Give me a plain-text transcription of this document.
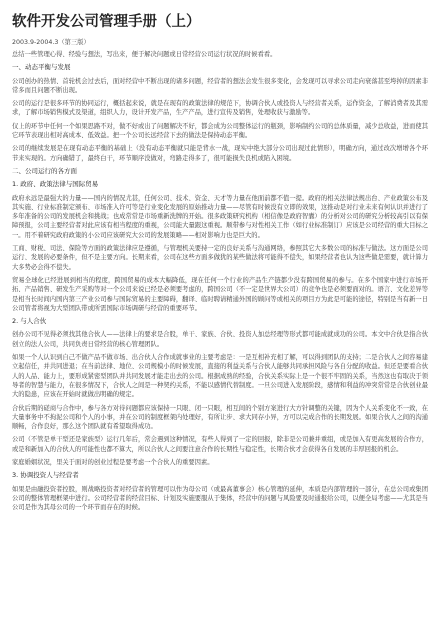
软件开发公司管理手册（上）
2003.9-2004.3（第三版）

总结一些管理心得、经验与想法，写出来，便于解决问题或日常经营公司运行状况的时候看看。

一、动态平衡与发展

公司创办的热情、首轮机会过去后，面对经营中不断出现的诸多问题，经营者的想法会发生很多变化，会发现可以寻求公司走向衰落甚至垮掉的因素非常多而且问题不断出现。

公司的运行是很多环节的协同运行，概括起来说，就是在现有的政策法律的规范下，协调合伙人或投资人与经营者关系，运作资金，了解消费者及其需求，了解市场销售模式及渠道，组织人力，设计开发产品，生产产品，进行宣传及销售，处理收获与激励等。

仅上的环节中任何一个如果思路不对，做不好或出了问题解决不好，都会成为公司整体运行的瓶颈，影响制约公司的总体质量，减少总收益，进而使其它环节表现出相对高成本、低效益。把一个公司长远经营下去的做法是保持动态平衡。

公司的继续发展是在现有动态平衡的基础上（没有动态平衡就只能是背水一战，现实中绝大部分公司出现过此情形），明确方向，通过改次增增各个环节来实现的。方向确错了，最终白干，环节顺序没做对，弯路走得多了，很可能损失良机或陷入困境。

二、公司运行的各方面
1. 政府、政策法律与国际贸易

政府永远是最强大的力量——国内的情况尤甚，任何公司、技术、资金、天才等力量在他面前都不值一提。政府的相关法律法规出台、产业政策公布及其实施、行业标准制定颁布、市场准入许可等是行业变化发展的原始推动力量——尽管有时候没有立即的效果，这推动是对行业未来有何认识并进行了多年准备的公司的发展机会和挑战；也成常常是市场重新洗牌的开始。很多政策研究机构（相信像是政府智囊）的分析对公司的研究分析较高引以有保障预报，公司主要经营者对此应该有相当程度的重视，公司能大量跟这重视。顺带参与对性相关工作（如行业标准制订）应该是公司经营的重大目标之一。用不着研究政府政策的小公司应该研究大公司的发展策略——相对影响力也是巨大的。

工商、财税、司法、保险等方面的政策法律应是遵循，与管理机关要持一定的良好关系与沟通网络，参照其它大多数公司的标准与做法。这方面是公司运行、发展的必要条件，但不是主要方向。长期来看，公司在这些方面多做犹的某些做法将可能得不偿失，如果经营者也认为这些做是需要，就计算力大多势必会得不偿失。

贸易全球化已经进展到相当的程度，跨国贸易的成本大幅降低，现在任何一个行业的产品生产链都少没有跨国贸易的参与。在多个国家中进行市场开拓、产品销售、研发生产采购等对一个公司来说已经是必须要考虑的，跨国公司（不一定是世界大公司）的竞争也是必须要面对的。语言、文化差异等是相当长时间内国内第三产业公司参与国际贸易的主要障碍，翻译、临时聘请精通外国的顾问等或相关的项目方为此是可能的途径，特别是当有新一日公司管者将视为大型团队带或所需国际市场调研与经营的重要环节。

2. 与人合伙

创办公司不见得必须找其他合伙人——法律上的要求是合股，单干、家族、合伙、投资人加总经理等形式都可能成就成功的公司。本文中合伙是指合伙创立的法人公司，共同负责日常经营的核心管理团队。

如果一个人认识到自己不做产品不做市场、出合伙人合作成就事业的主要考虑是：一是互相补充相了解，可以得到团队的支持；二是合伙人之间容易建立起信任，并共同进退；在当前法律、地位、公司规模小的时候发展，直接的利益关系与合伙人能够共同承担风险与各自分配的收益。但还是要看合伙人的人品、能力上，要形成紧密型团队并共同发展才能走出去的公司。根据成熟的经验，合伙关系实际上是一个很不牢固的关系，当然这也有取决于领导者的智慧与能力，在很多情况下，合伙人之间是一种契约关系，不能以感情代替制度。一旦公司进入发展阶段，感情和利益的冲突常常是合伙创业最大的隐患，应该在开始时就做出明确的规定。

合伙后期的磋商与合作中，参与各方对待问题都应该保持一只眼、闭一只眼，相互间的个别方案进行大方针调整的关键，因为个人关系变化不一致，在大量事务中不拘泥公司和个人的小事，并在公司的制度框架内处理好，有所让步、求大同存小异，方可以完成合作的长期发展。如果合伙人之间的沟通顺畅，合作良好，那么这个团队就有希望取得成功。

公司（不管是单干型还是家族型）运行几年后，常会遇到这种情况，有些人得到了一定的回报，除非是公司兼并重组，或是加入有更高发展的合作方，或是和新加入的合伙人的可能性也都不算大，所以合伙人之间要注意合作的长期性与稳定性，长期合伙才会获得各自发展的丰厚回报的机会。

家庭婚姻状况，里关于面对的创业过程是要考虑一个合伙人的重要因素。

3. 协调投资人与经营者

如果是由融投资者控股，则战略投资者对经营者的管理可以作为母公司（或最高董事会）核心管理的延伸，本质是内部管理的一部分，在总公司或集团公司的整体管理框架中进行。公司经营者的经营目标、计划及实施要服从于集体，经营中的问题与风险要及时通报给公司，以便全局考虑——尤其是当公司是作为其母公司的一个环节而存在的时候。
